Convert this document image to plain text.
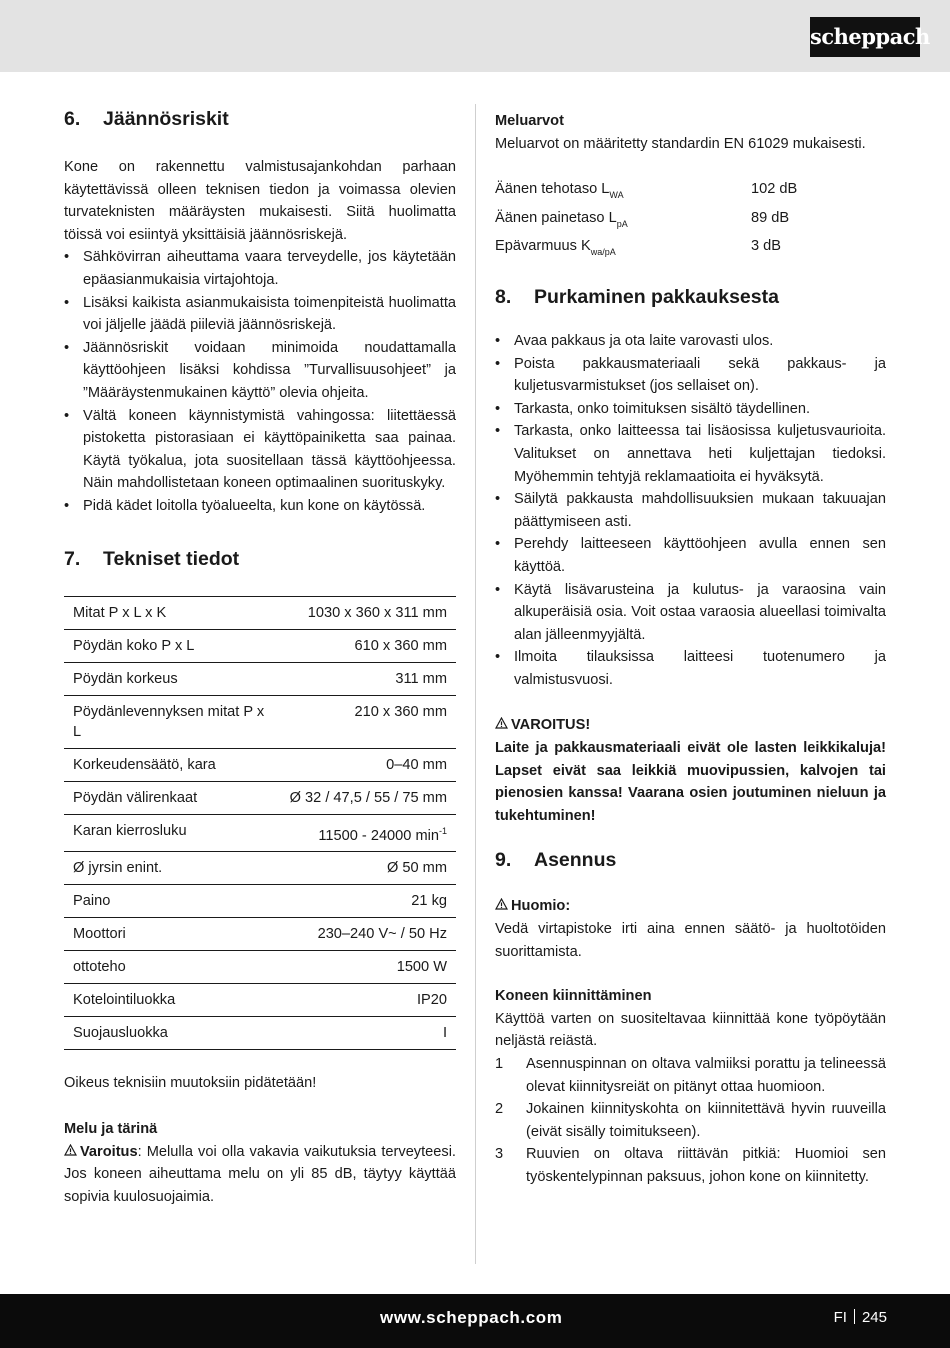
scheppach
6.	Jäännösriskit

Kone on rakennettu valmistusajankohdan parhaan käytettävissä olleen teknisen tiedon ja voimassa olevien turvateknisten määräysten mukaisesti. Siitä huolimatta töissä voi esiintyä yksittäisiä jäännösriskejä.

• Sähkövirran aiheuttama vaara terveydelle, jos käytetään epäasianmukaisia virtajohtoja.
• Lisäksi kaikista asianmukaisista toimenpiteistä huolimatta voi jäljelle jäädä piileviä jäännösriskejä.
• Jäännösriskit voidaan minimoida noudattamalla käyttöohjeen lisäksi kohdissa ”Turvallisuusohjeet” ja ”Määräystenmukainen käyttö” olevia ohjeita.
• Vältä koneen käynnistymistä vahingossa: liitettäessä pistoketta pistorasiaan ei käyttöpainiketta saa painaa. Käytä työkalua, jota suositellaan tässä käyttöohjeessa. Näin mahdollistetaan koneen optimaalinen suorituskyky.
• Pidä kädet loitolla työalueelta, kun kone on käytössä.
7.	Tekniset tiedot
Mitat P x L x K	1030 x 360 x 311 mm
Pöydän koko P x L	610 x 360 mm
Pöydän korkeus	311 mm
Pöydänlevennyksen mitat P x L	210 x 360 mm
Korkeudensäätö, kara	0–40 mm
Pöydän välirenkaat	Ø 32 / 47,5 / 55 / 75 mm
Karan kierrosluku	11500 - 24000 $\min^{-1}$
Ø jyrsin enint.	Ø 50 mm
Paino	21 kg
Moottori	230–240 V~ / 50 Hz
ottoteho	1500 W
Kotelointiluokka	IP20
Suojausluokka	I

Oikeus teknisiin muutoksiin pidätetään!

Melu ja tärinä

Varoitus: Melulla voi olla vakavia vaikutuksia terveyteesi. Jos koneen aiheuttama melu on yli 85 dB, täytyy käyttää sopivia kuulosuojaimia.

Meluarvot

Meluarvot on määritetty standardin EN 61029 mukaisesti.

Äänen tehotaso $L_{WA}$	102 dB
Äänen painetaso $L_{pA}$	89 dB
Epävarmuus $K_{wa/pA}$	3 dB
8.	Purkaminen pakkauksesta
• Avaa pakkaus ja ota laite varovasti ulos.
• Poista pakkausmateriaali sekä pakkaus- ja kuljetusvarmistukset (jos sellaiset on).
• Tarkasta, onko toimituksen sisältö täydellinen.
• Tarkasta, onko laitteessa tai lisäosissa kuljetusvaurioita. Valitukset on annettava heti kuljettajan tiedoksi. Myöhemmin tehtyjä reklamaatioita ei hyväksytä.
• Säilytä pakkausta mahdollisuuksien mukaan takuuajan päättymiseen asti.
• Perehdy laitteeseen käyttöohjeen avulla ennen sen käyttöä.
• Käytä lisävarusteina ja kulutus- ja varaosina vain alkuperäisiä osia. Voit ostaa varaosia alueellasi toimivalta alan jälleenmyyjältä.
• Ilmoita tilauksissa laitteesi tuotenumero ja valmistusvuosi.

VAROITUS!

Laite ja pakkausmateriaali eivät ole lasten leikkikaluja! Lapset eivät saa leikkiä muovipussien, kalvojen tai pienosien kanssa! Vaarana osien joutuminen nieluun ja tukehtuminen!

9.	Asennus

Huomio:

Vedä virtapistoke irti aina ennen säätö- ja huoltotöiden suorittamista.

Koneen kiinnittäminen

Käyttöä varten on suositeltavaa kiinnittää kone työpöytään neljästä reiästä.

1 Asennuspinnan on oltava valmiiksi porattu ja telineessä olevat kiinnitysreiät on pitänyt ottaa huomioon.
2 Jokainen kiinnityskohta on kiinnitettävä hyvin ruuveilla (eivät sisälly toimitukseen).
3 Ruuvien on oltava riittävän pitkiä: Huomioi sen työskentelypinnan paksuus, johon kone on kiinnitetty.
www.scheppach.com	FI 245
